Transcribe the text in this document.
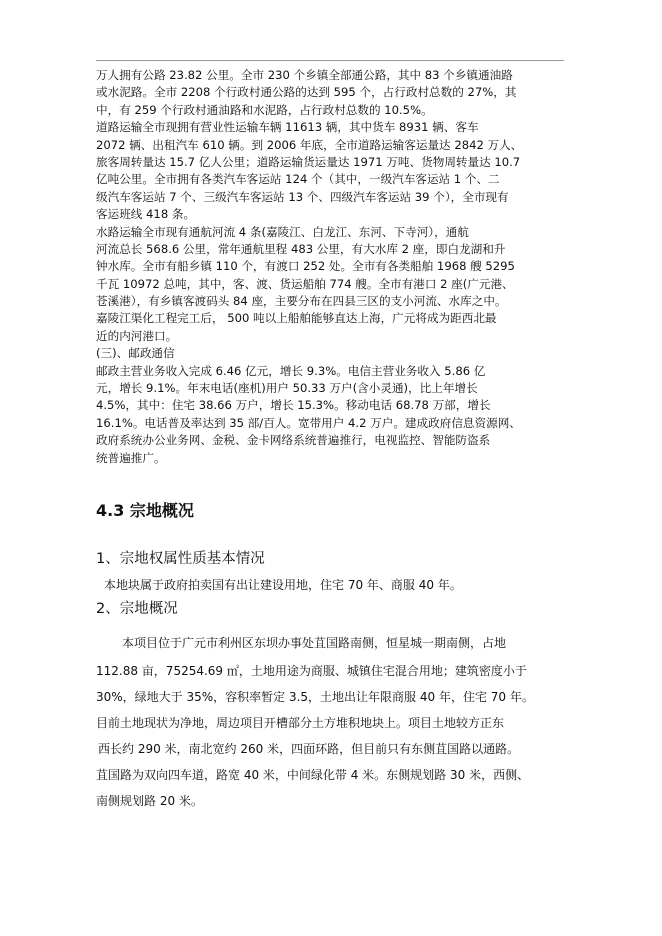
万人拥有公路 23.82 公里。全市 230 个乡镇全部通公路，其中 83 个乡镇通油路
或水泥路。全市 2208 个行政村通公路的达到 595 个，占行政村总数的 27%，其
中，有 259 个行政村通油路和水泥路，占行政村总数的 10.5%。
道路运输全市现拥有营业性运输车辆 11613 辆，其中货车 8931 辆、客车
2072 辆、出租汽车 610 辆。到 2006 年底，全市道路运输客运量达 2842 万人、
旅客周转量达 15.7 亿人公里；道路运输货运量达 1971 万吨、货物周转量达 10.7
亿吨公里。全市拥有各类汽车客运站 124 个（其中，一级汽车客运站 1 个、二
级汽车客运站 7 个、三级汽车客运站 13 个、四级汽车客运站 39 个），全市现有
客运班线 418 条。
水路运输全市现有通航河流 4 条(嘉陵江、白龙江、东河、下寺河），通航
河流总长 568.6 公里，常年通航里程 483 公里，有大水库 2 座，即白龙湖和升
钟水库。全市有船乡镇 110 个，有渡口 252 处。全市有各类船舶 1968 艘 5295
千瓦 10972 总吨，其中，客、渡、货运船舶 774 艘。全市有港口 2 座(广元港、
苍溪港），有乡镇客渡码头 84 座，主要分布在四县三区的支小河流、水库之中。
嘉陵江渠化工程完工后， 500 吨以上船舶能够直达上海，广元将成为距西北最
近的内河港口。
(三)、邮政通信
邮政主营业务收入完成 6.46 亿元，增长 9.3%。电信主营业务收入 5.86 亿
元，增长 9.1%。年末电话(座机)用户 50.33 万户(含小灵通)，比上年增长
4.5%，其中：住宅 38.66 万户，增长 15.3%。移动电话 68.78 万部，增长
16.1%。电话普及率达到 35 部/百人。宽带用户 4.2 万户。建成政府信息资源网、
政府系统办公业务网、金税、金卡网络系统普遍推行，电视监控、智能防盗系
统普遍推广。
4.3 宗地概况
1、宗地权属性质基本情况
本地块属于政府拍卖国有出让建设用地，住宅 70 年、商服 40 年。
2、宗地概况
本项目位于广元市利州区东坝办事处苴国路南侧，恒星城一期南侧，占地
112.88 亩，75254.69 ㎡，土地用途为商服、城镇住宅混合用地；建筑密度小于
30%，绿地大于 35%，容积率暂定 3.5，土地出让年限商服 40 年，住宅 70 年。
目前土地现状为净地，周边项目开槽部分土方堆积地块上。项目土地较方正东
西长约 290 米，南北宽约 260 米，四面环路，但目前只有东侧苴国路以通路。
苴国路为双向四车道，路宽 40 米，中间绿化带 4 米。东侧规划路 30 米，西侧、
南侧规划路 20 米。
